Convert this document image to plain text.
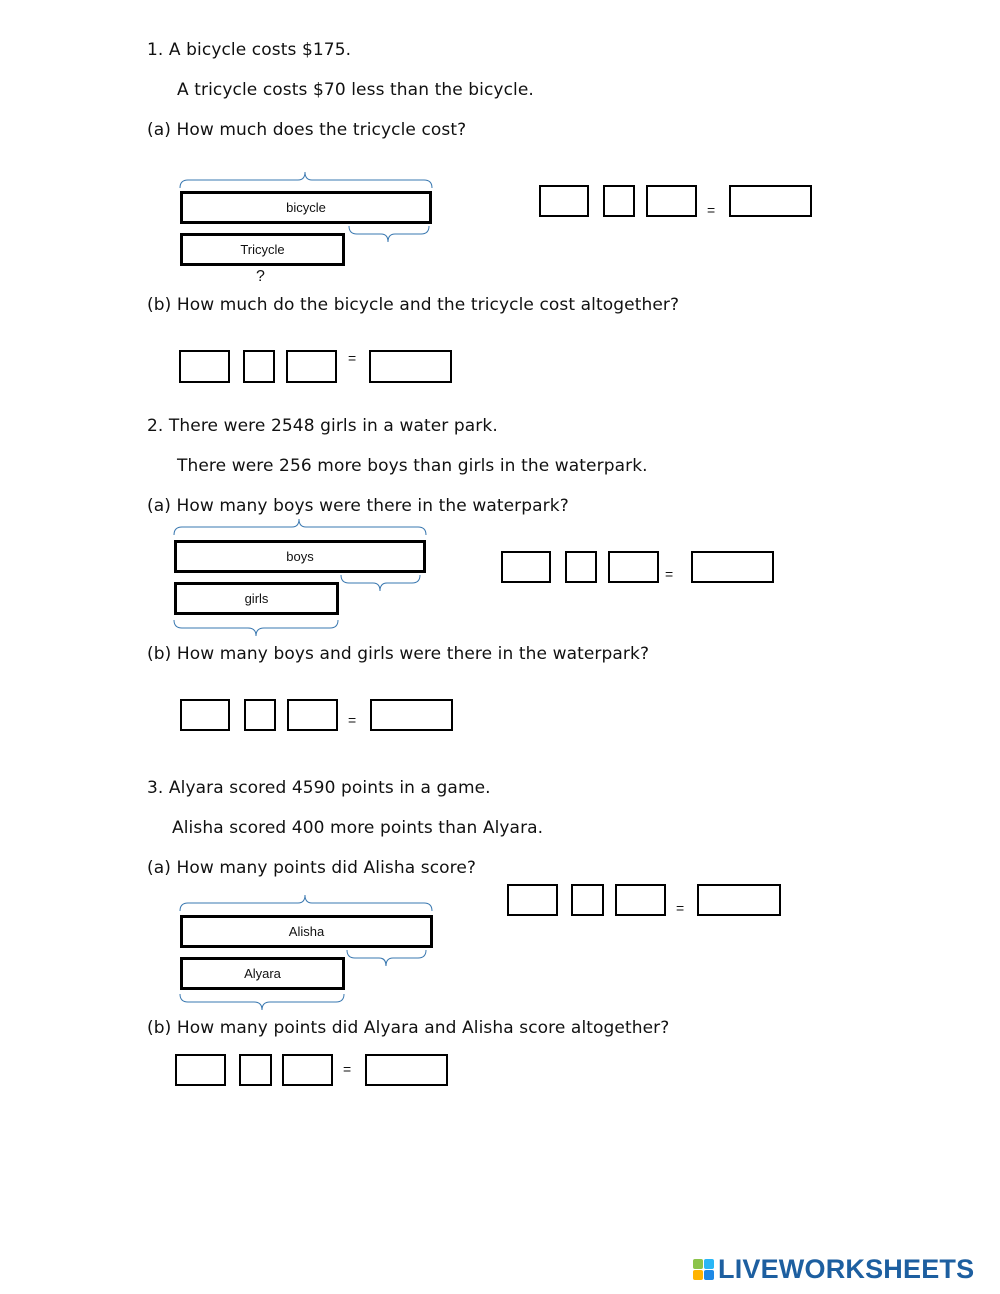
1. A bicycle costs $175.
A tricycle costs $70 less than the bicycle.
(a) How much does the tricycle cost?
bicycle
Tricycle
?
=
(b) How much do the bicycle and the tricycle cost altogether?
=
2. There were 2548 girls in a water park.
There were 256 more boys than girls in the waterpark.
(a) How many boys were there in the waterpark?
boys
girls
=
(b) How many boys and girls were there in the waterpark?
=
3. Alyara scored 4590 points in a game.
Alisha scored 400 more points than Alyara.
(a) How many points did Alisha score?
Alisha
Alyara
=
(b) How many points did Alyara and Alisha score altogether?
=
LIVEWORKSHEETS
